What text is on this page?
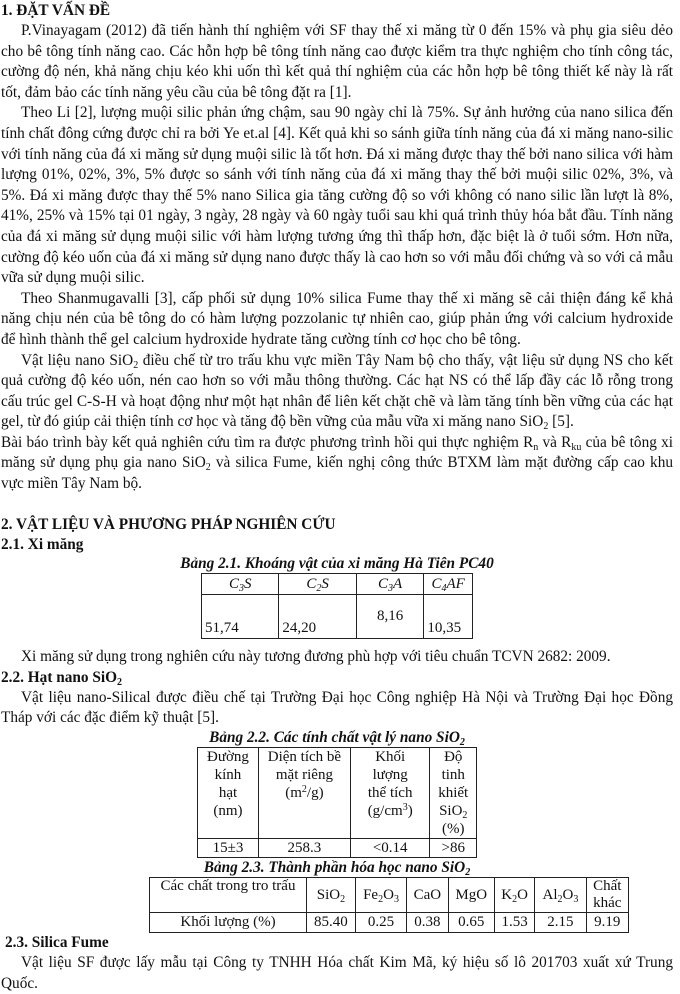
1. ĐẶT VẤN ĐỀ

P.Vinayagam (2012) đã tiến hành thí nghiệm với SF thay thế xi măng từ 0 đến 15% và phụ gia siêu dẻo cho bê tông tính năng cao. Các hỗn hợp bê tông tính năng cao được kiểm tra thực nghiệm cho tính công tác, cường độ nén, khả năng chịu kéo khi uốn thì kết quả thí nghiệm của các hỗn hợp bê tông thiết kế này là rất tốt, đảm bảo các tính năng yêu cầu của bê tông đặt ra [1].

Theo Li [2], lượng muội silic phản ứng chậm, sau 90 ngày chỉ là 75%. Sự ảnh hưởng của nano silica đến tính chất đông cứng được chỉ ra bởi Ye et.al [4]. Kết quả khi so sánh giữa tính năng của đá xi măng nano-silic với tính năng của đá xi măng sử dụng muội silic là tốt hơn. Đá xi măng được thay thế bởi nano silica với hàm lượng 01%, 02%, 3%, 5% được so sánh với tính năng của đá xi măng thay thế bởi muội silic 02%, 3%, và 5%. Đá xi măng được thay thế 5% nano Silica gia tăng cường độ so với không có nano silic lần lượt là 8%, 41%, 25% và 15% tại 01 ngày, 3 ngày, 28 ngày và 60 ngày tuổi sau khi quá trình thủy hóa bắt đầu. Tính năng của đá xi măng sử dụng muội silic với hàm lượng tương ứng thì thấp hơn, đặc biệt là ở tuổi sớm. Hơn nữa, cường độ kéo uốn của đá xi măng sử dụng nano được thấy là cao hơn so với mẫu đối chứng và so với cả mẫu vữa sử dụng muội silic.

Theo Shanmugavalli [3], cấp phối sử dụng 10% silica Fume thay thế xi măng sẽ cải thiện đáng kể khả năng chịu nén của bê tông do có hàm lượng pozzolanic tự nhiên cao, giúp phản ứng với calcium hydroxide để hình thành thể gel calcium hydroxide hydrate tăng cường tính cơ học cho bê tông.

Vật liệu nano SiO$_2$ điều chế từ tro trấu khu vực miền Tây Nam bộ cho thấy, vật liệu sử dụng NS cho kết quả cường độ kéo uốn, nén cao hơn so với mẫu thông thường. Các hạt NS có thể lấp đầy các lỗ rỗng trong cấu trúc gel C-S-H và hoạt động như một hạt nhân để liên kết chặt chẽ và làm tăng tính bền vững của các hạt gel, từ đó giúp cải thiện tính cơ học và tăng độ bền vững của mẫu vữa xi măng nano SiO$_2$ [5].

Bài báo trình bày kết quả nghiên cứu tìm ra được phương trình hồi qui thực nghiệm $R_n$ và $R_{ku}$ của bê tông xi măng sử dụng phụ gia nano SiO$_2$ và silica Fume, kiến nghị công thức BTXM làm mặt đường cấp cao khu vực miền Tây Nam bộ.

2. VẬT LIỆU VÀ PHƯƠNG PHÁP NGHIÊN CỨU
2.1. Xi măng

Bảng 2.1. Khoáng vật của xi măng Hà Tiên PC40

$C_3S$	$C_2S$	$C_3A$	$C_4AF$
51,74	24,20	8,16	10,35

Xi măng sử dụng trong nghiên cứu này tương đương phù hợp với tiêu chuẩn TCVN 2682: 2009.

2.2. Hạt nano SiO$_2$

Vật liệu nano-Silical được điều chế tại Trường Đại học Công nghiệp Hà Nội và Trường Đại học Đồng Tháp với các đặc điểm kỹ thuật [5].

Bảng 2.2. Các tính chất vật lý nano SiO$_2$

Đường
kính
hạt
(nm)

Diện tích bề
mặt riêng
$(m^2/g)$

Khối
lượng
thể tích
$(g/cm^3)$

Độ
tinh
khiết
SiO$_2$
(%)

15±3	258.3	<0.14	>86

Bảng 2.3. Thành phần hóa học nano SiO$_2$

Các chất trong tro trấu	SiO$_2$	$Fe_2O_3$	CaO	MgO	$K_2O$	$Al_2O_3$	Chất
khác

Khối lượng (%)	85.40	0.25	0.38	0.65	1.53	2.15	9.19
2.3. Silica Fume

Vật liệu SF được lấy mẫu tại Công ty TNHH Hóa chất Kim Mã, ký hiệu số lô 201703 xuất xứ Trung Quốc.
